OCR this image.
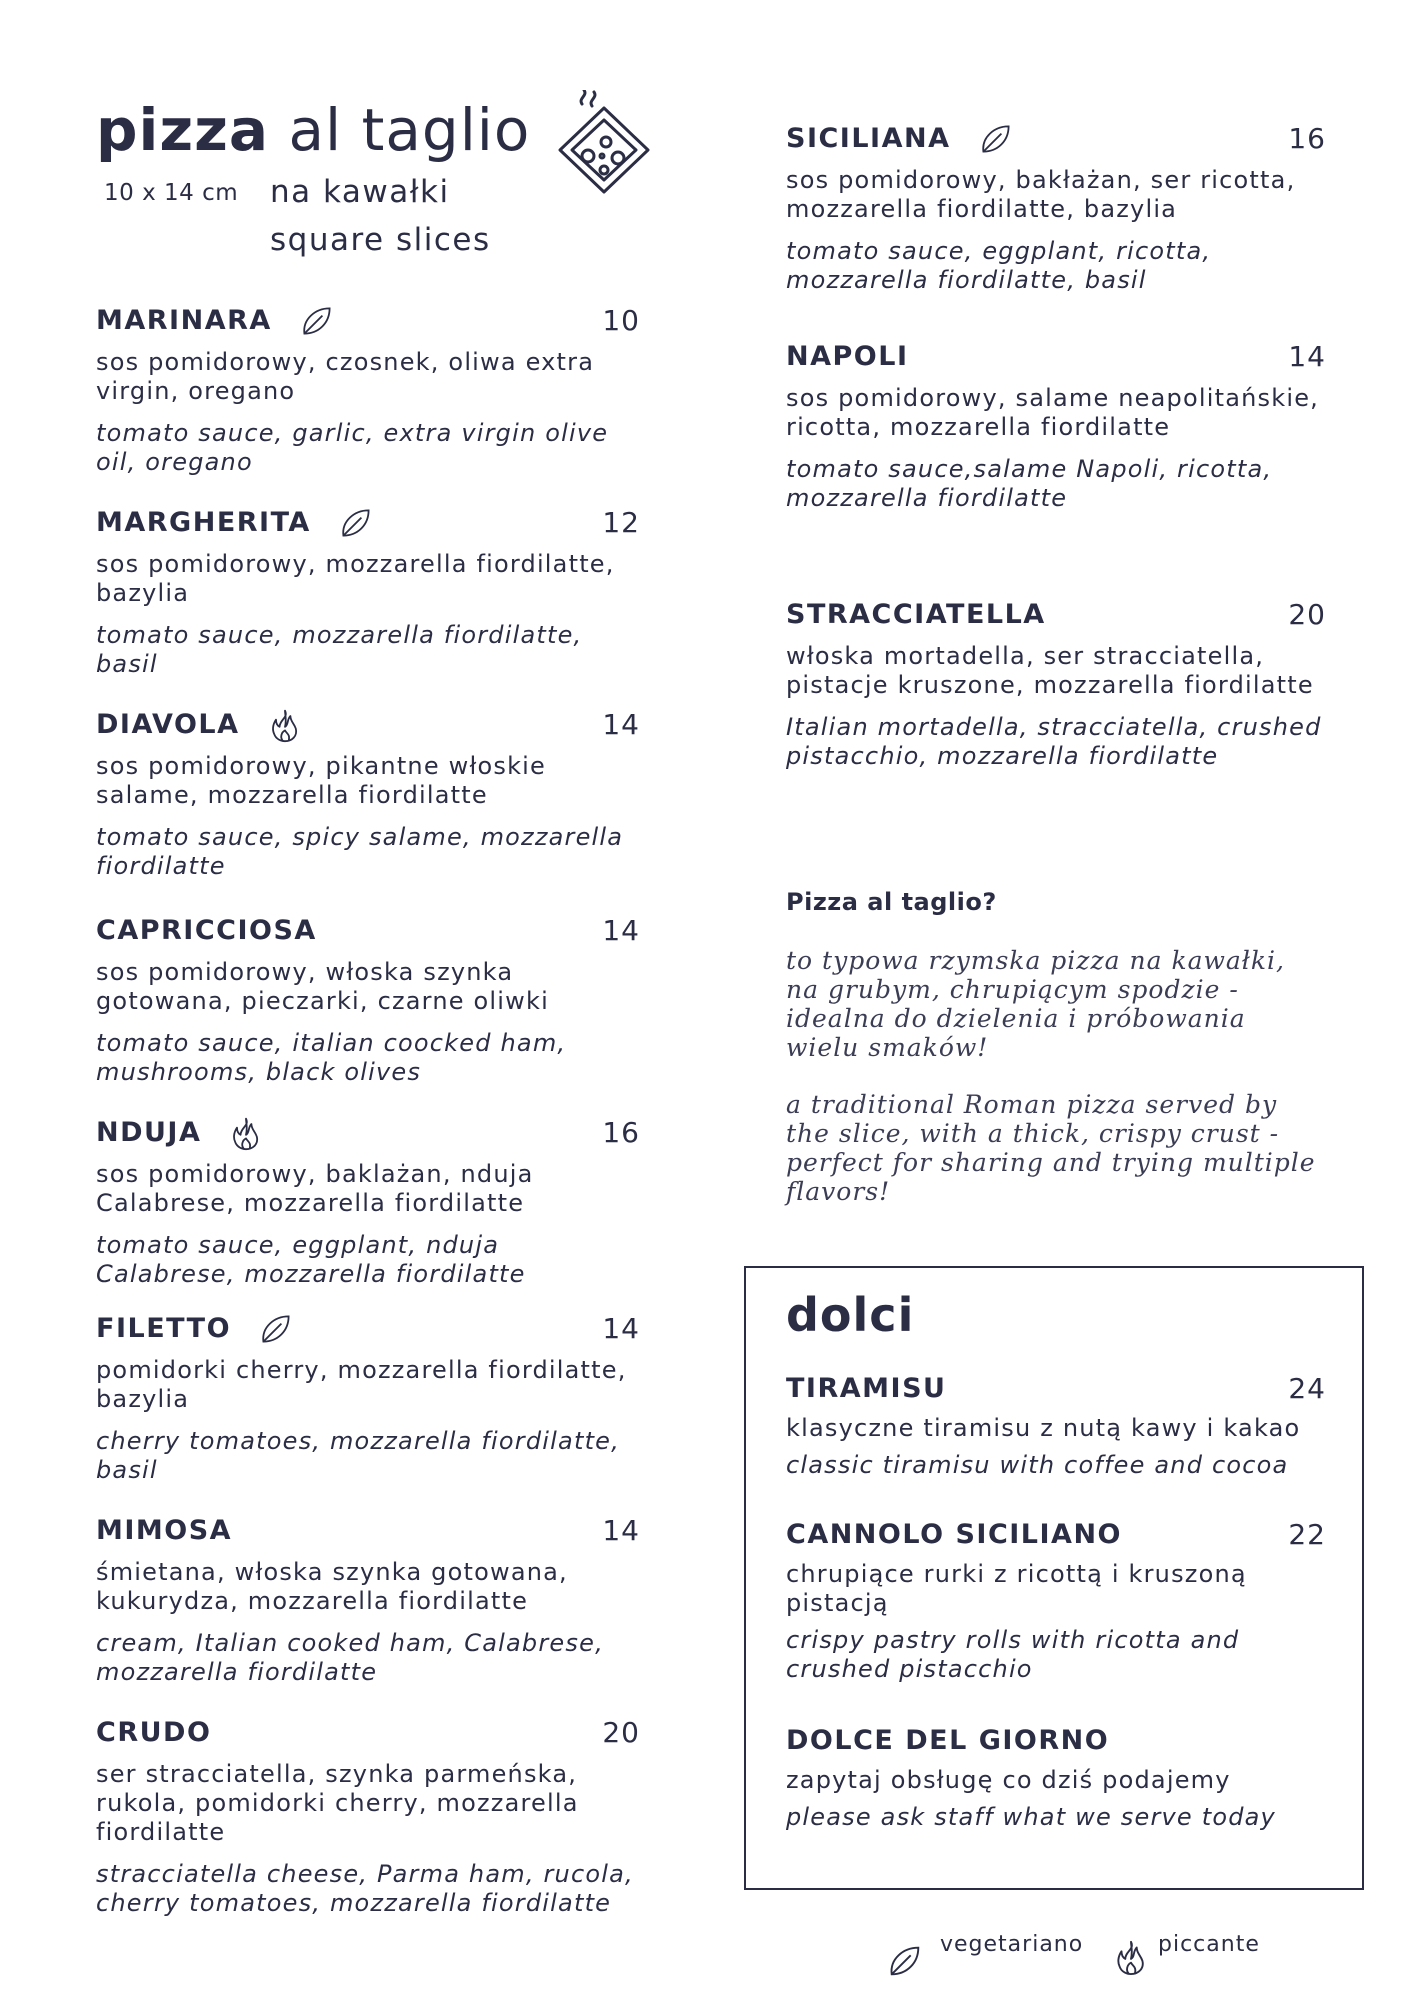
pizza al taglio
10 x 14 cm na kawałki
square slices
MARINARA	10
sos pomidorowy, czosnek, oliwa extra virgin, oregano
tomato sauce, garlic, extra virgin olive oil, oregano
MARGHERITA	12
sos pomidorowy, mozzarella fiordilatte, bazylia
tomato sauce, mozzarella fiordilatte, basil
DIAVOLA	14
sos pomidorowy, pikantne włoskie salame, mozzarella fiordilatte
tomato sauce, spicy salame, mozzarella fiordilatte
CAPRICCIOSA	14
sos pomidorowy, włoska szynka gotowana, pieczarki, czarne oliwki
tomato sauce, italian coocked ham, mushrooms, black olives
NDUJA	16
sos pomidorowy, baklażan, nduja Calabrese, mozzarella fiordilatte
tomato sauce, eggplant, nduja Calabrese, mozzarella fiordilatte
FILETTO	14
pomidorki cherry, mozzarella fiordilatte, bazylia
cherry tomatoes, mozzarella fiordilatte, basil
MIMOSA	14
śmietana, włoska szynka gotowana, kukurydza, mozzarella fiordilatte
cream, Italian cooked ham, Calabrese, mozzarella fiordilatte
CRUDO	20
ser stracciatella, szynka parmeńska, rukola, pomidorki cherry, mozzarella fiordilatte
stracciatella cheese, Parma ham, rucola, cherry tomatoes, mozzarella fiordilatte
SICILIANA	16
sos pomidorowy, bakłażan, ser ricotta, mozzarella fiordilatte, bazylia
tomato sauce, eggplant, ricotta, mozzarella fiordilatte, basil
NAPOLI	14
sos pomidorowy, salame neapolitańskie, ricotta, mozzarella fiordilatte
tomato sauce,salame Napoli, ricotta, mozzarella fiordilatte
STRACCIATELLA	20
włoska mortadella, ser stracciatella, pistacje kruszone, mozzarella fiordilatte
Italian mortadella, stracciatella, crushed pistacchio, mozzarella fiordilatte
Pizza al taglio?
to typowa rzymska pizza na kawałki, na grubym, chrupiącym spodzie - idealna do dzielenia i próbowania wielu smaków!
a traditional Roman pizza served by the slice, with a thick, crispy crust - perfect for sharing and trying multiple flavors!
dolci
TIRAMISU	24
klasyczne tiramisu z nutą kawy i kakao
classic tiramisu with coffee and cocoa
CANNOLO SICILIANO	22
chrupiące rurki z ricottą i kruszoną pistacją
crispy pastry rolls with ricotta and crushed pistacchio
DOLCE DEL GIORNO
zapytaj obsługę co dziś podajemy
please ask staff what we serve today
vegetariano	piccante
